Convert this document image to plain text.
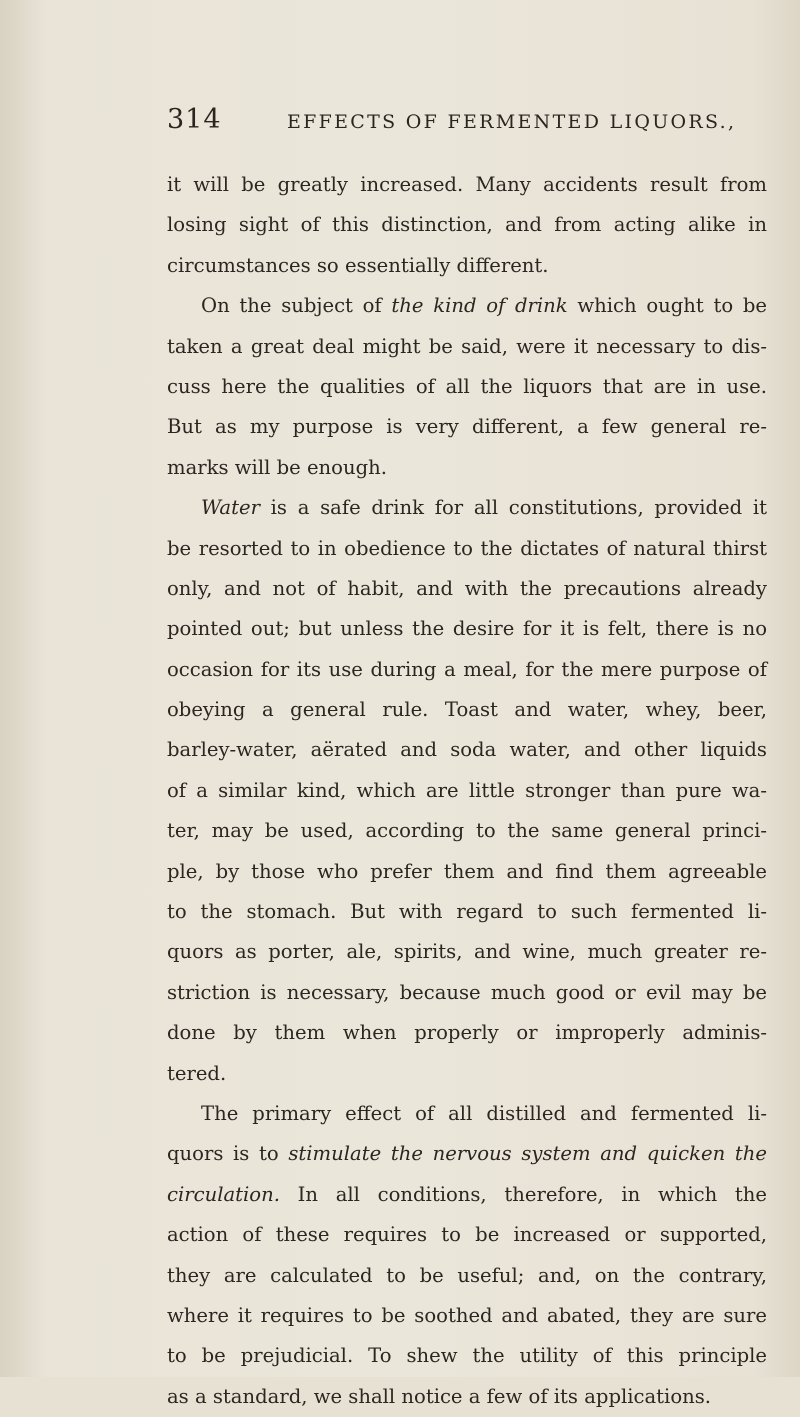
314	EFFECTS OF FERMENTED LIQUORS.,
it will be greatly increased. Many accidents result from
losing sight of this distinction, and from acting alike in
circumstances so essentially different.
On the subject of the kind of drink which ought to be
taken a great deal might be said, were it necessary to dis-
cuss here the qualities of all the liquors that are in use.
But as my purpose is very different, a few general re-
marks will be enough.
Water is a safe drink for all constitutions, provided it
be resorted to in obedience to the dictates of natural thirst
only, and not of habit, and with the precautions already
pointed out; but unless the desire for it is felt, there is no
occasion for its use during a meal, for the mere purpose of
obeying a general rule. Toast and water, whey, beer,
barley-water, aërated and soda water, and other liquids
of a similar kind, which are little stronger than pure wa-
ter, may be used, according to the same general princi-
ple, by those who prefer them and find them agreeable
to the stomach. But with regard to such fermented li-
quors as porter, ale, spirits, and wine, much greater re-
striction is necessary, because much good or evil may be
done by them when properly or improperly adminis-
tered.
The primary effect of all distilled and fermented li-
quors is to stimulate the nervous system and quicken the
circulation. In all conditions, therefore, in which the
action of these requires to be increased or supported,
they are calculated to be useful; and, on the contrary,
where it requires to be soothed and abated, they are sure
to be prejudicial. To shew the utility of this principle
as a standard, we shall notice a few of its applications.
